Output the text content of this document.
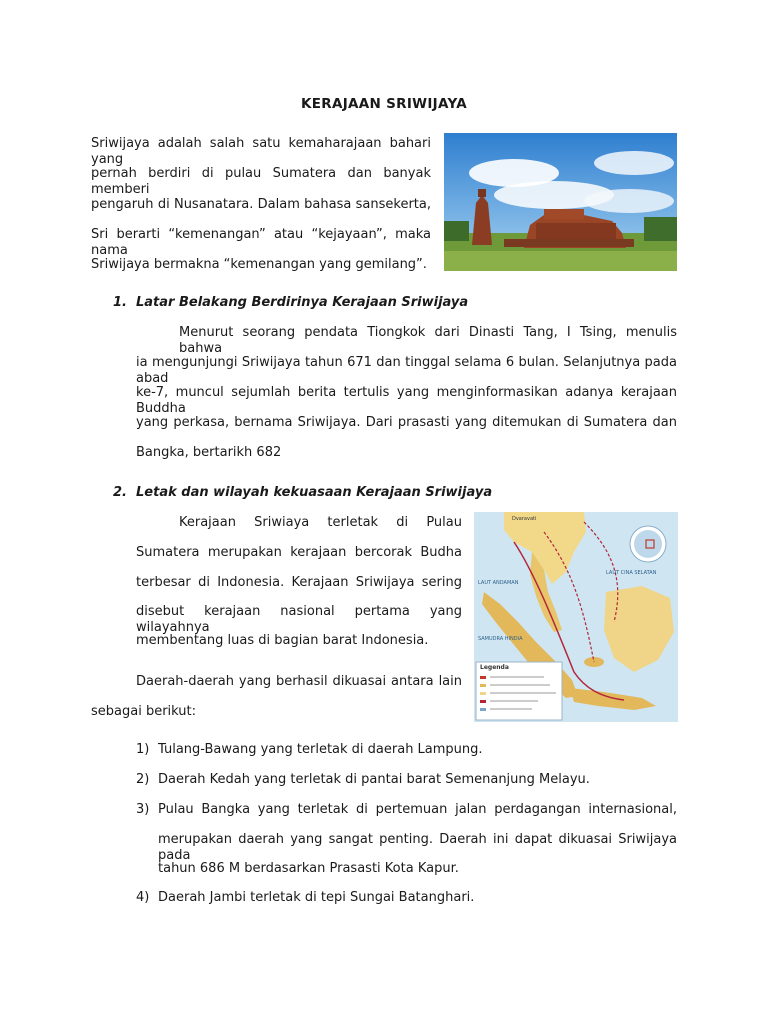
KERAJAAN SRIWIJAYA
Sriwijaya adalah salah satu kemaharajaan bahari yang
pernah berdiri di pulau Sumatera dan banyak memberi
pengaruh di Nusanatara. Dalam bahasa sansekerta,
Sri berarti “kemenangan” atau “kejayaan”, maka nama
Sriwijaya bermakna “kemenangan yang gemilang”.
1. Latar Belakang Berdirinya Kerajaan Sriwijaya
Menurut seorang pendata Tiongkok dari Dinasti Tang, I Tsing, menulis bahwa
ia mengunjungi Sriwijaya tahun 671 dan tinggal selama 6 bulan. Selanjutnya pada abad
ke-7, muncul sejumlah berita tertulis yang menginformasikan adanya kerajaan Buddha
yang perkasa, bernama Sriwijaya. Dari prasasti yang ditemukan di Sumatera dan
Bangka, bertarikh 682
2. Letak dan wilayah kekuasaan Kerajaan Sriwijaya
Kerajaan Sriwiaya terletak di Pulau
Sumatera merupakan kerajaan bercorak Budha
terbesar di Indonesia. Kerajaan Sriwijaya sering
disebut kerajaan nasional pertama yang wilayahnya
membentang luas di bagian barat Indonesia.
Daerah-daerah yang berhasil dikuasai antara lain
sebagai berikut:
Legenda
Dvaravati
LAUT ANDAMAN
LAUT CINA SELATAN
SAMUDRA HINDIA
1) Tulang-Bawang yang terletak di daerah Lampung.
2) Daerah Kedah yang terletak di pantai barat Semenanjung Melayu.
3) Pulau Bangka yang terletak di pertemuan jalan perdagangan internasional,
merupakan daerah yang sangat penting. Daerah ini dapat dikuasai Sriwijaya pada
tahun 686 M berdasarkan Prasasti Kota Kapur.
4) Daerah Jambi terletak di tepi Sungai Batanghari.
